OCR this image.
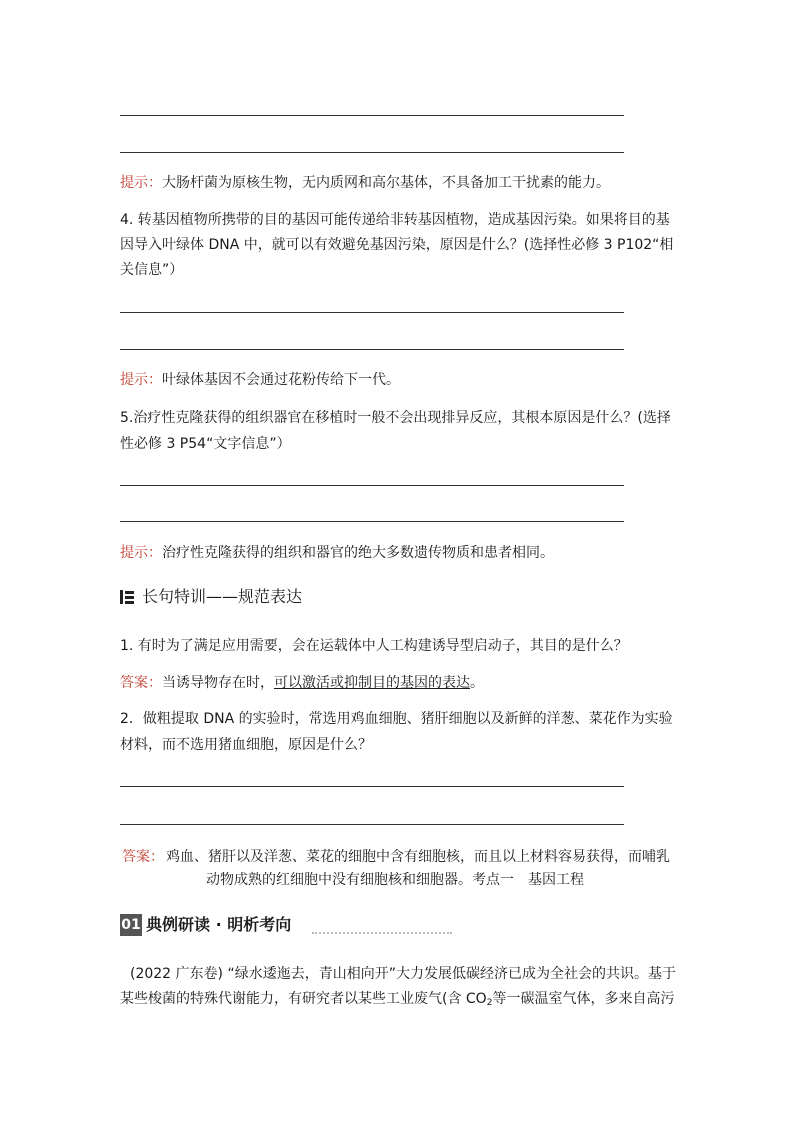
提示：大肠杆菌为原核生物，无内质网和高尔基体，不具备加工干扰素的能力。
4. 转基因植物所携带的目的基因可能传递给非转基因植物，造成基因污染。如果将目的基
因导入叶绿体 DNA 中，就可以有效避免基因污染，原因是什么？(选择性必修 3 P102“相
关信息”）
提示：叶绿体基因不会通过花粉传给下一代。
5.治疗性克隆获得的组织器官在移植时一般不会出现排异反应，其根本原因是什么？(选择
性必修 3 P54“文字信息”）
提示：治疗性克隆获得的组织和器官的绝大多数遗传物质和患者相同。
长句特训——规范表达
1. 有时为了满足应用需要，会在运载体中人工构建诱导型启动子，其目的是什么？
答案：当诱导物存在时，可以激活或抑制目的基因的表达。
2．做粗提取 DNA 的实验时，常选用鸡血细胞、猪肝细胞以及新鲜的洋葱、菜花作为实验
材料，而不选用猪血细胞，原因是什么？
答案： 鸡血、猪肝以及洋葱、菜花的细胞中含有细胞核，而且以上材料容易获得，而哺乳
动物成熟的红细胞中没有细胞核和细胞器。考点一　基因工程
01 典例研读 · 明析考向
(2022 广东卷) “绿水逶迤去，青山相向开”大力发展低碳经济已成为全社会的共识。基于
某些梭菌的特殊代谢能力，有研究者以某些工业废气(含 $CO_2$等一碳温室气体，多来自高污
